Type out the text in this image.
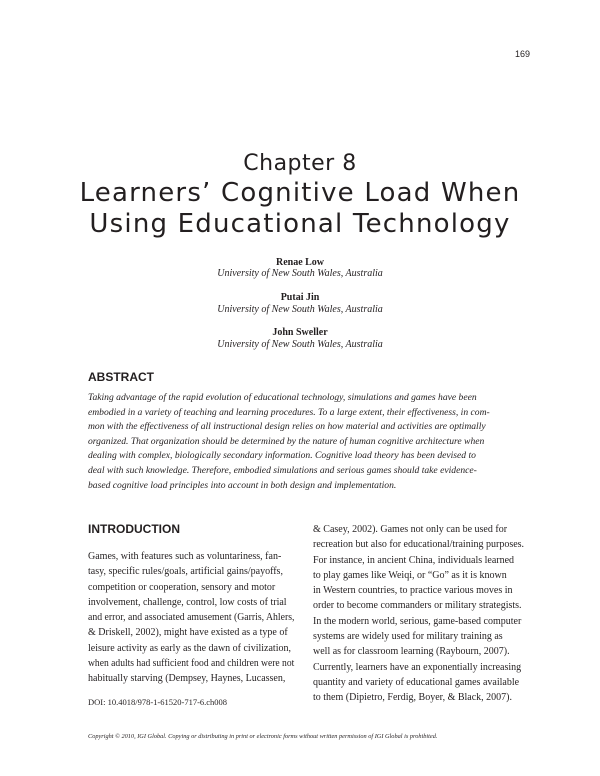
169
Chapter 8
Learners’ Cognitive Load When
Using Educational Technology
Renae Low
University of New South Wales, Australia
Putai Jin
University of New South Wales, Australia
John Sweller
University of New South Wales, Australia
ABSTRACT
Taking advantage of the rapid evolution of educational technology, simulations and games have been
embodied in a variety of teaching and learning procedures. To a large extent, their effectiveness, in com-
mon with the effectiveness of all instructional design relies on how material and activities are optimally
organized. That organization should be determined by the nature of human cognitive architecture when
dealing with complex, biologically secondary information. Cognitive load theory has been devised to
deal with such knowledge. Therefore, embodied simulations and serious games should take evidence-
based cognitive load principles into account in both design and implementation.
INTRODUCTION
Games, with features such as voluntariness, fan-
tasy, specific rules/goals, artificial gains/payoffs,
competition or cooperation, sensory and motor
involvement, challenge, control, low costs of trial
and error, and associated amusement (Garris, Ahlers,
& Driskell, 2002), might have existed as a type of
leisure activity as early as the dawn of civilization,
when adults had sufficient food and children were not
habitually starving (Dempsey, Haynes, Lucassen,
& Casey, 2002). Games not only can be used for
recreation but also for educational/training purposes.
For instance, in ancient China, individuals learned
to play games like Weiqi, or “Go” as it is known
in Western countries, to practice various moves in
order to become commanders or military strategists.
In the modern world, serious, game-based computer
systems are widely used for military training as
well as for classroom learning (Raybourn, 2007).
Currently, learners have an exponentially increasing
quantity and variety of educational games available
to them (Dipietro, Ferdig, Boyer, & Black, 2007).
DOI: 10.4018/978-1-61520-717-6.ch008
Copyright © 2010, IGI Global. Copying or distributing in print or electronic forms without written permission of IGI Global is prohibited.
